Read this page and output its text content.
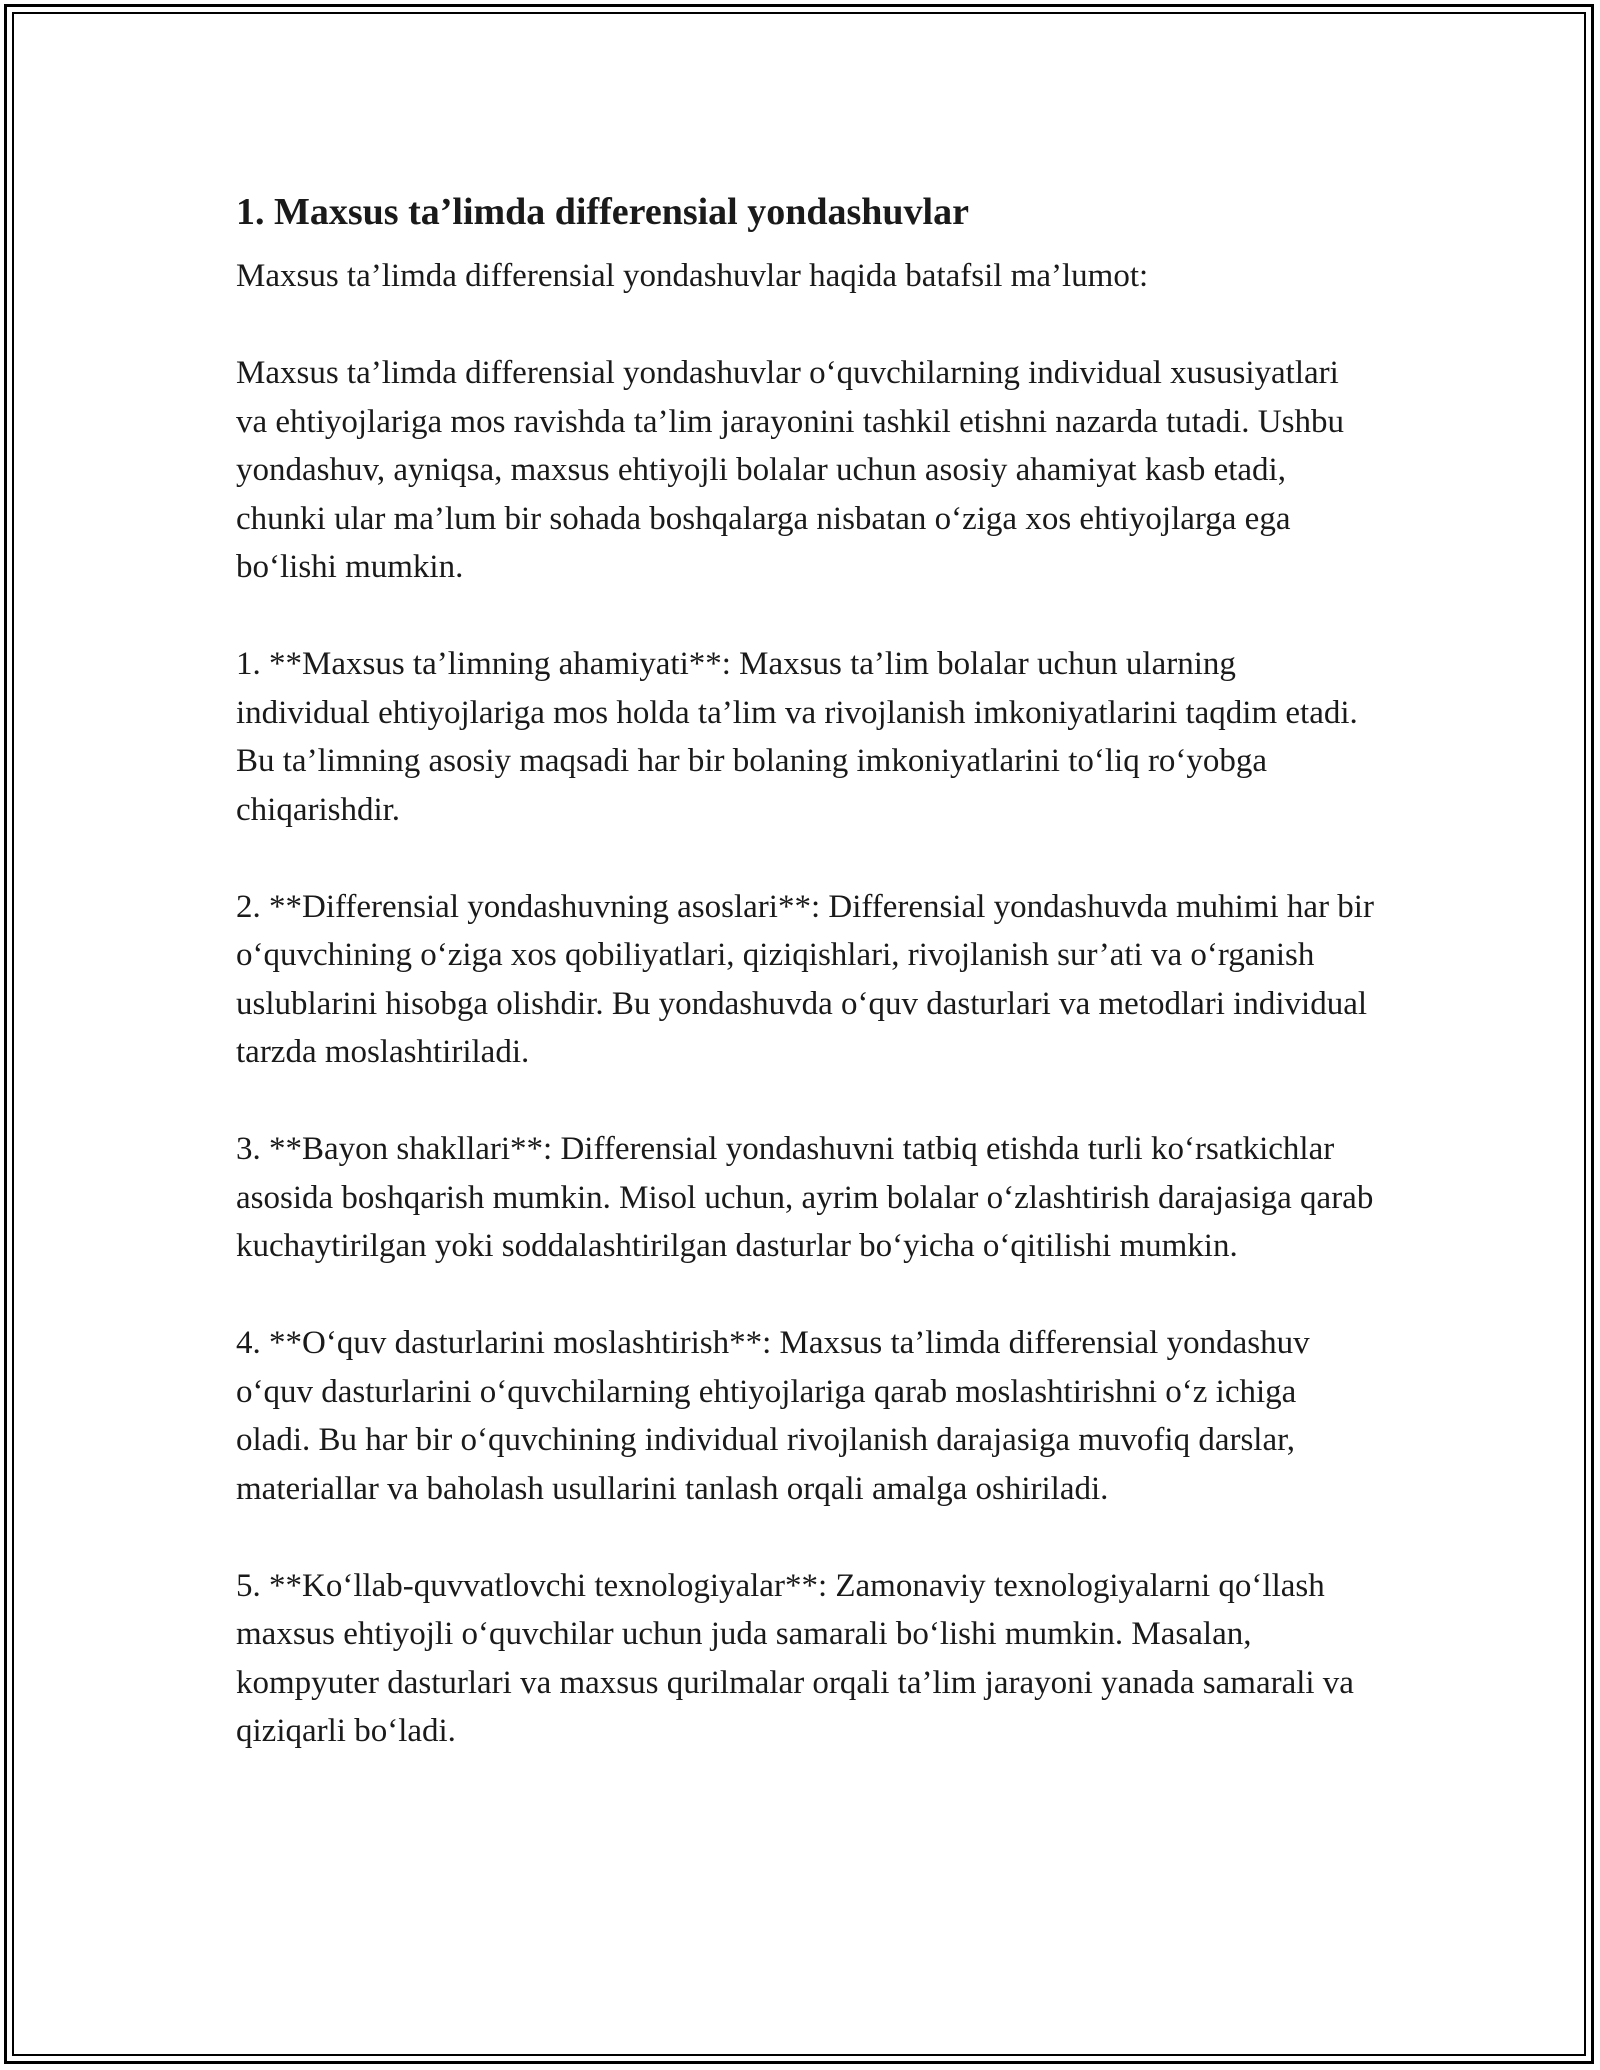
1. Maxsus ta’limda differensial yondashuvlar

Maxsus ta’limda differensial yondashuvlar haqida batafsil ma’lumot:

Maxsus ta’limda differensial yondashuvlar o‘quvchilarning individual xususiyatlari va ehtiyojlariga mos ravishda ta’lim jarayonini tashkil etishni nazarda tutadi. Ushbu yondashuv, ayniqsa, maxsus ehtiyojli bolalar uchun asosiy ahamiyat kasb etadi, chunki ular ma’lum bir sohada boshqalarga nisbatan o‘ziga xos ehtiyojlarga ega bo‘lishi mumkin.

1. **Maxsus ta’limning ahamiyati**: Maxsus ta’lim bolalar uchun ularning individual ehtiyojlariga mos holda ta’lim va rivojlanish imkoniyatlarini taqdim etadi. Bu ta’limning asosiy maqsadi har bir bolaning imkoniyatlarini to‘liq ro‘yobga chiqarishdir.

2. **Differensial yondashuvning asoslari**: Differensial yondashuvda muhimi har bir o‘quvchining o‘ziga xos qobiliyatlari, qiziqishlari, rivojlanish sur’ati va o‘rganish uslublarini hisobga olishdir. Bu yondashuvda o‘quv dasturlari va metodlari individual tarzda moslashtiriladi.

3. **Bayon shakllari**: Differensial yondashuvni tatbiq etishda turli ko‘rsatkichlar asosida boshqarish mumkin. Misol uchun, ayrim bolalar o‘zlashtirish darajasiga qarab kuchaytirilgan yoki soddalashtirilgan dasturlar bo‘yicha o‘qitilishi mumkin.

4. **O‘quv dasturlarini moslashtirish**: Maxsus ta’limda differensial yondashuv o‘quv dasturlarini o‘quvchilarning ehtiyojlariga qarab moslashtirishni o‘z ichiga oladi. Bu har bir o‘quvchining individual rivojlanish darajasiga muvofiq darslar, materiallar va baholash usullarini tanlash orqali amalga oshiriladi.

5. **Ko‘llab-quvvatlovchi texnologiyalar**: Zamonaviy texnologiyalarni qo‘llash maxsus ehtiyojli o‘quvchilar uchun juda samarali bo‘lishi mumkin. Masalan, kompyuter dasturlari va maxsus qurilmalar orqali ta’lim jarayoni yanada samarali va qiziqarli bo‘ladi.
